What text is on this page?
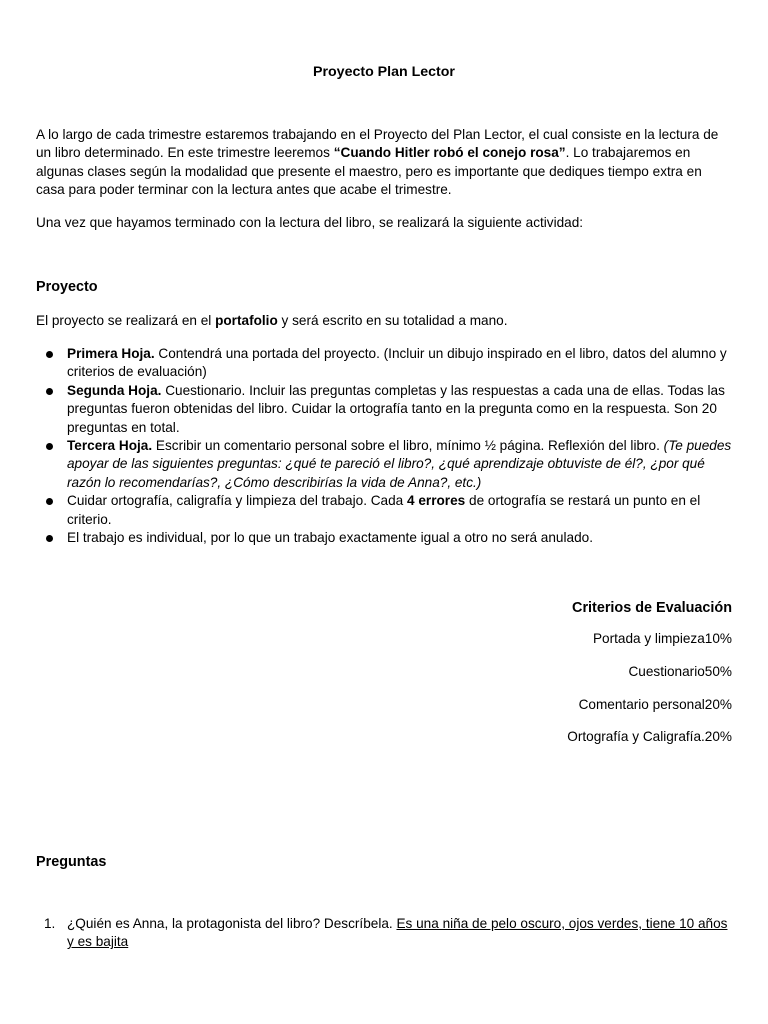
Proyecto Plan Lector

A lo largo de cada trimestre estaremos trabajando en el Proyecto del Plan Lector, el cual consiste en la lectura de un libro determinado. En este trimestre leeremos “Cuando Hitler robó el conejo rosa”. Lo trabajaremos en algunas clases según la modalidad que presente el maestro, pero es importante que dediques tiempo extra en casa para poder terminar con la lectura antes que acabe el trimestre.

Una vez que hayamos terminado con la lectura del libro, se realizará la siguiente actividad:

Proyecto

El proyecto se realizará en el portafolio y será escrito en su totalidad a mano.

Primera Hoja. Contendrá una portada del proyecto. (Incluir un dibujo inspirado en el libro, datos del alumno y criterios de evaluación)
Segunda Hoja. Cuestionario. Incluir las preguntas completas y las respuestas a cada una de ellas. Todas las preguntas fueron obtenidas del libro. Cuidar la ortografía tanto en la pregunta como en la respuesta. Son 20 preguntas en total.
Tercera Hoja. Escribir un comentario personal sobre el libro, mínimo ½ página. Reflexión del libro. (Te puedes apoyar de las siguientes preguntas: ¿qué te pareció el libro?, ¿qué aprendizaje obtuviste de él?, ¿por qué razón lo recomendarías?, ¿Cómo describirías la vida de Anna?, etc.)
Cuidar ortografía, caligrafía y limpieza del trabajo. Cada 4 errores de ortografía se restará un punto en el criterio.
El trabajo es individual, por lo que un trabajo exactamente igual a otro no será anulado.
Criterios de Evaluación
Portada y limpieza10%
Cuestionario50%
Comentario personal20%
Ortografía y Caligrafía.20%
Preguntas
1. ¿Quién es Anna, la protagonista del libro? Descríbela. Es una niña de pelo oscuro, ojos verdes, tiene 10 años y es bajita
